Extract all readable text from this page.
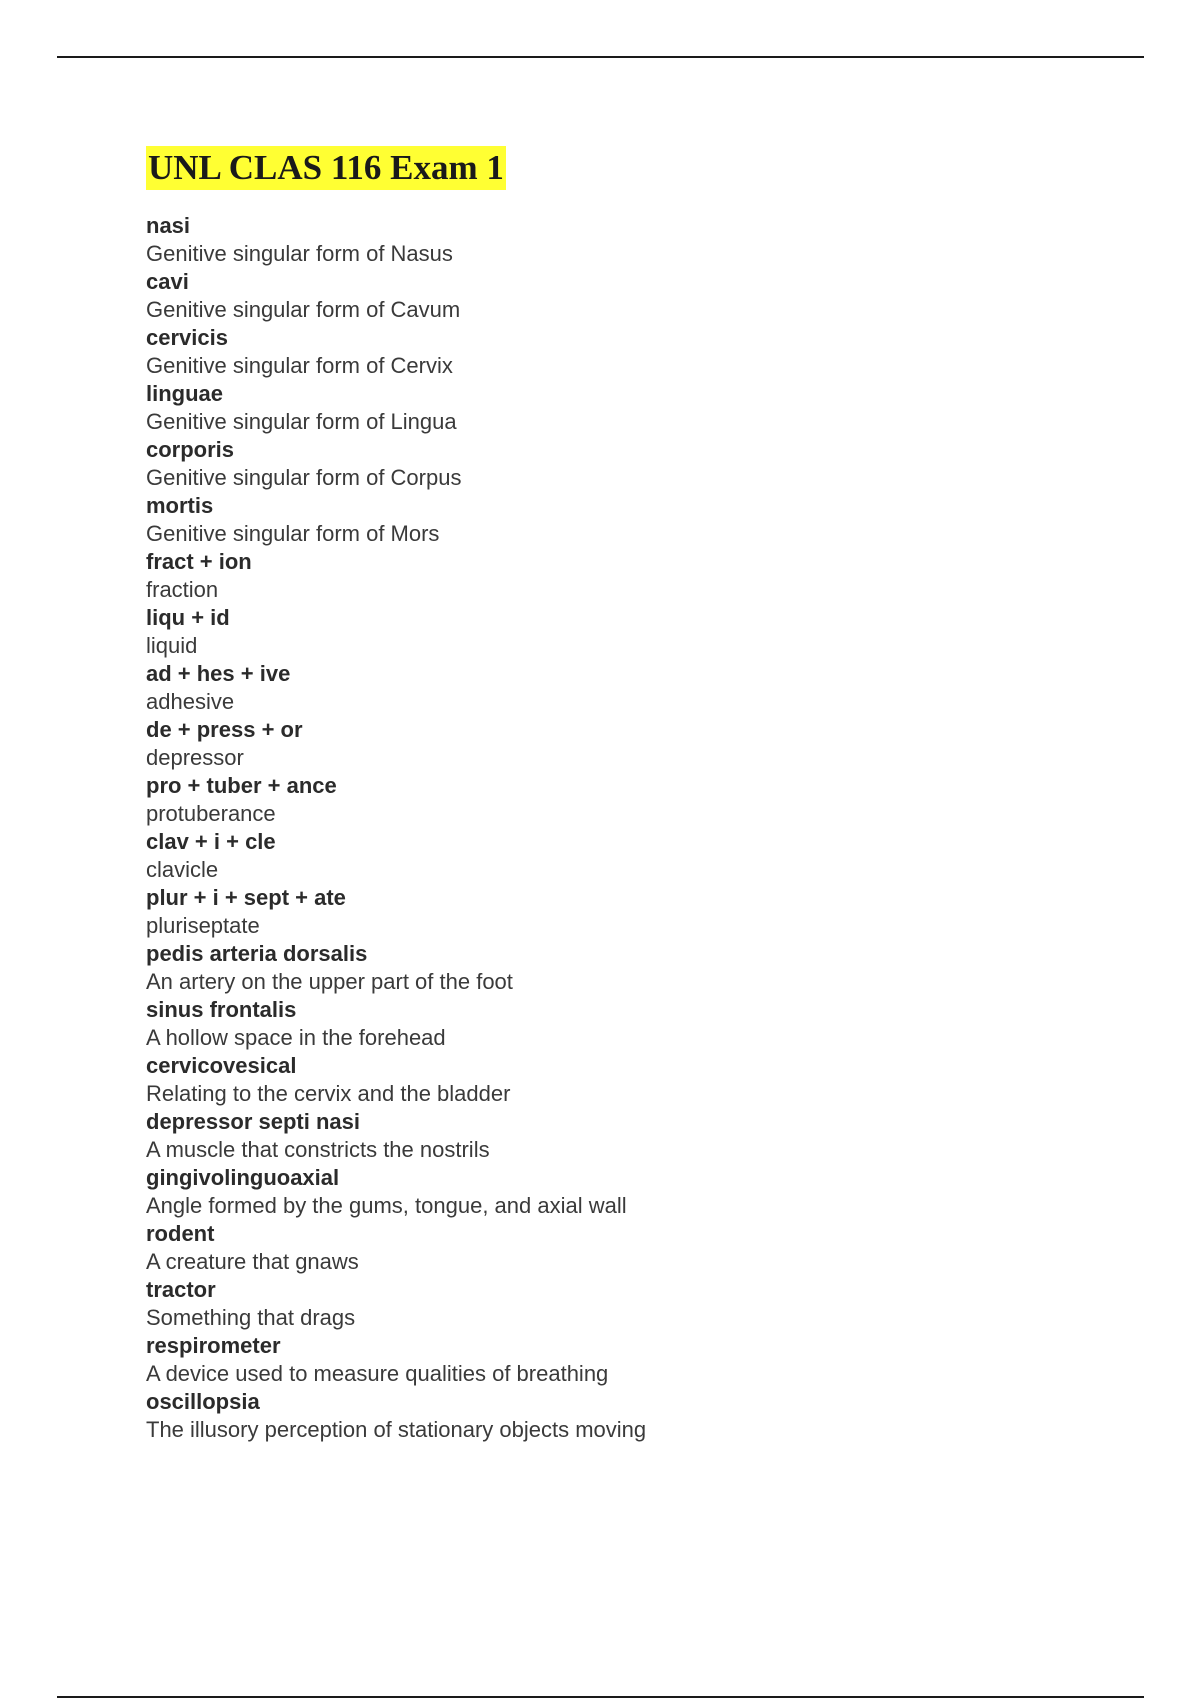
UNL CLAS 116 Exam 1
nasi
Genitive singular form of Nasus
cavi
Genitive singular form of Cavum
cervicis
Genitive singular form of Cervix
linguae
Genitive singular form of Lingua
corporis
Genitive singular form of Corpus
mortis
Genitive singular form of Mors
fract + ion
fraction
liqu + id
liquid
ad + hes + ive
adhesive
de + press + or
depressor
pro + tuber + ance
protuberance
clav + i + cle
clavicle
plur + i + sept + ate
pluriseptate
pedis arteria dorsalis
An artery on the upper part of the foot
sinus frontalis
A hollow space in the forehead
cervicovesical
Relating to the cervix and the bladder
depressor septi nasi
A muscle that constricts the nostrils
gingivolinguoaxial
Angle formed by the gums, tongue, and axial wall
rodent
A creature that gnaws
tractor
Something that drags
respirometer
A device used to measure qualities of breathing
oscillopsia
The illusory perception of stationary objects moving
